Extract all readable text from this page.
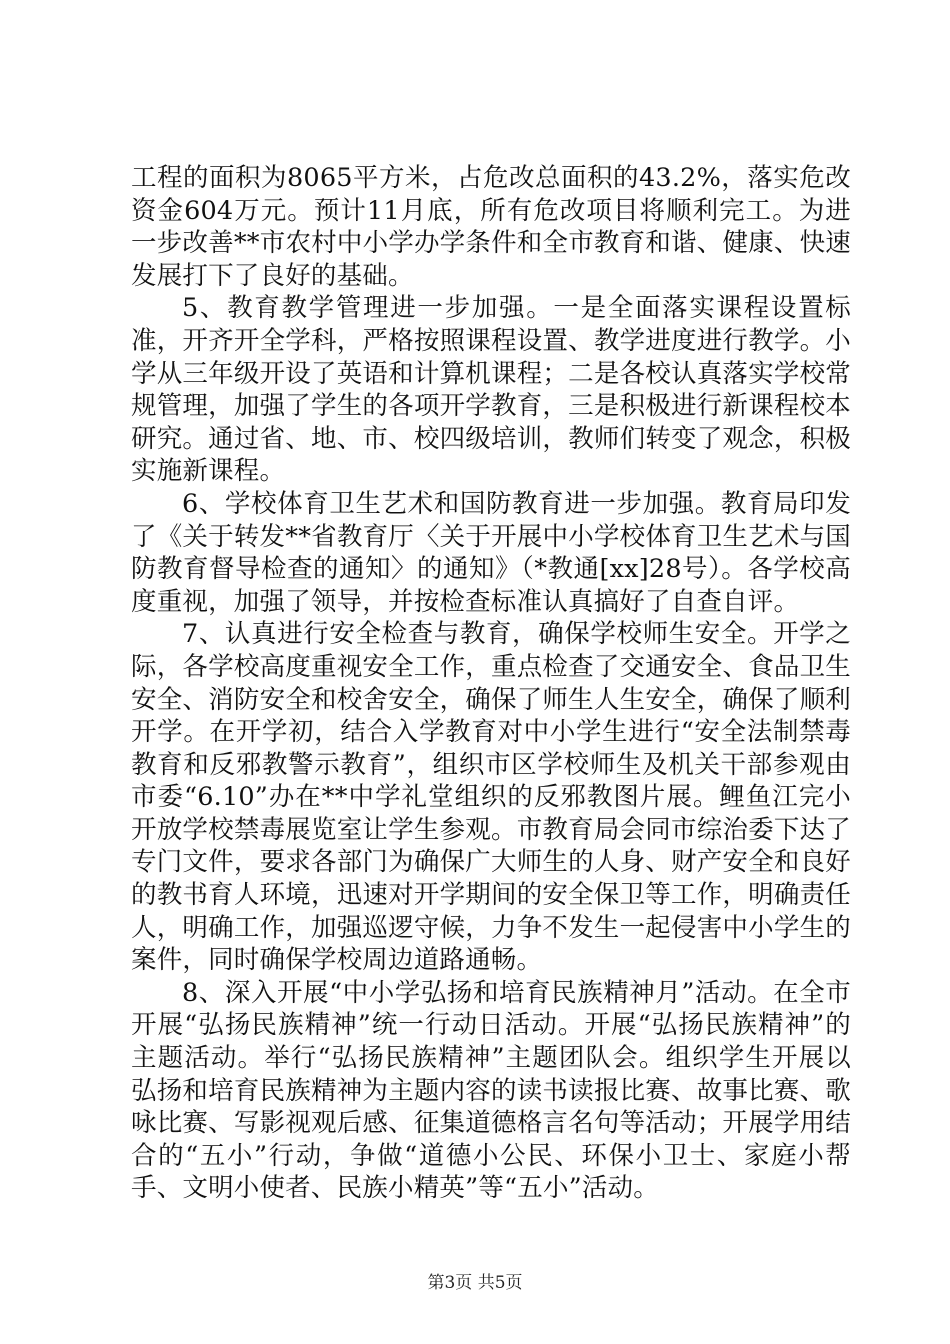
工程的面积为8065平方米，占危改总面积的43.2%，落实危改资金604万元。预计11月底，所有危改项目将顺利完工。为进一步改善**市农村中小学办学条件和全市教育和谐、健康、快速发展打下了良好的基础。

5、教育教学管理进一步加强。一是全面落实课程设置标准，开齐开全学科，严格按照课程设置、教学进度进行教学。小学从三年级开设了英语和计算机课程；二是各校认真落实学校常规管理，加强了学生的各项开学教育，三是积极进行新课程校本研究。通过省、地、市、校四级培训，教师们转变了观念，积极实施新课程。

6、学校体育卫生艺术和国防教育进一步加强。教育局印发了《关于转发**省教育厅〈关于开展中小学校体育卫生艺术与国防教育督导检查的通知〉的通知》（*教通[xx]28号）。各学校高度重视，加强了领导，并按检查标准认真搞好了自查自评。

7、认真进行安全检查与教育，确保学校师生安全。开学之际，各学校高度重视安全工作，重点检查了交通安全、食品卫生安全、消防安全和校舍安全，确保了师生人生安全，确保了顺利开学。在开学初，结合入学教育对中小学生进行“安全法制禁毒教育和反邪教警示教育”，组织市区学校师生及机关干部参观由市委“6.10”办在**中学礼堂组织的反邪教图片展。鲤鱼江完小开放学校禁毒展览室让学生参观。市教育局会同市综治委下达了专门文件，要求各部门为确保广大师生的人身、财产安全和良好的教书育人环境，迅速对开学期间的安全保卫等工作，明确责任人，明确工作，加强巡逻守候，力争不发生一起侵害中小学生的案件，同时确保学校周边道路通畅。

8、深入开展“中小学弘扬和培育民族精神月”活动。在全市开展“弘扬民族精神”统一行动日活动。开展“弘扬民族精神”的主题活动。举行“弘扬民族精神”主题团队会。组织学生开展以弘扬和培育民族精神为主题内容的读书读报比赛、故事比赛、歌咏比赛、写影视观后感、征集道德格言名句等活动；开展学用结合的“五小”行动，争做“道德小公民、环保小卫士、家庭小帮手、文明小使者、民族小精英”等“五小”活动。

第3页 共5页
